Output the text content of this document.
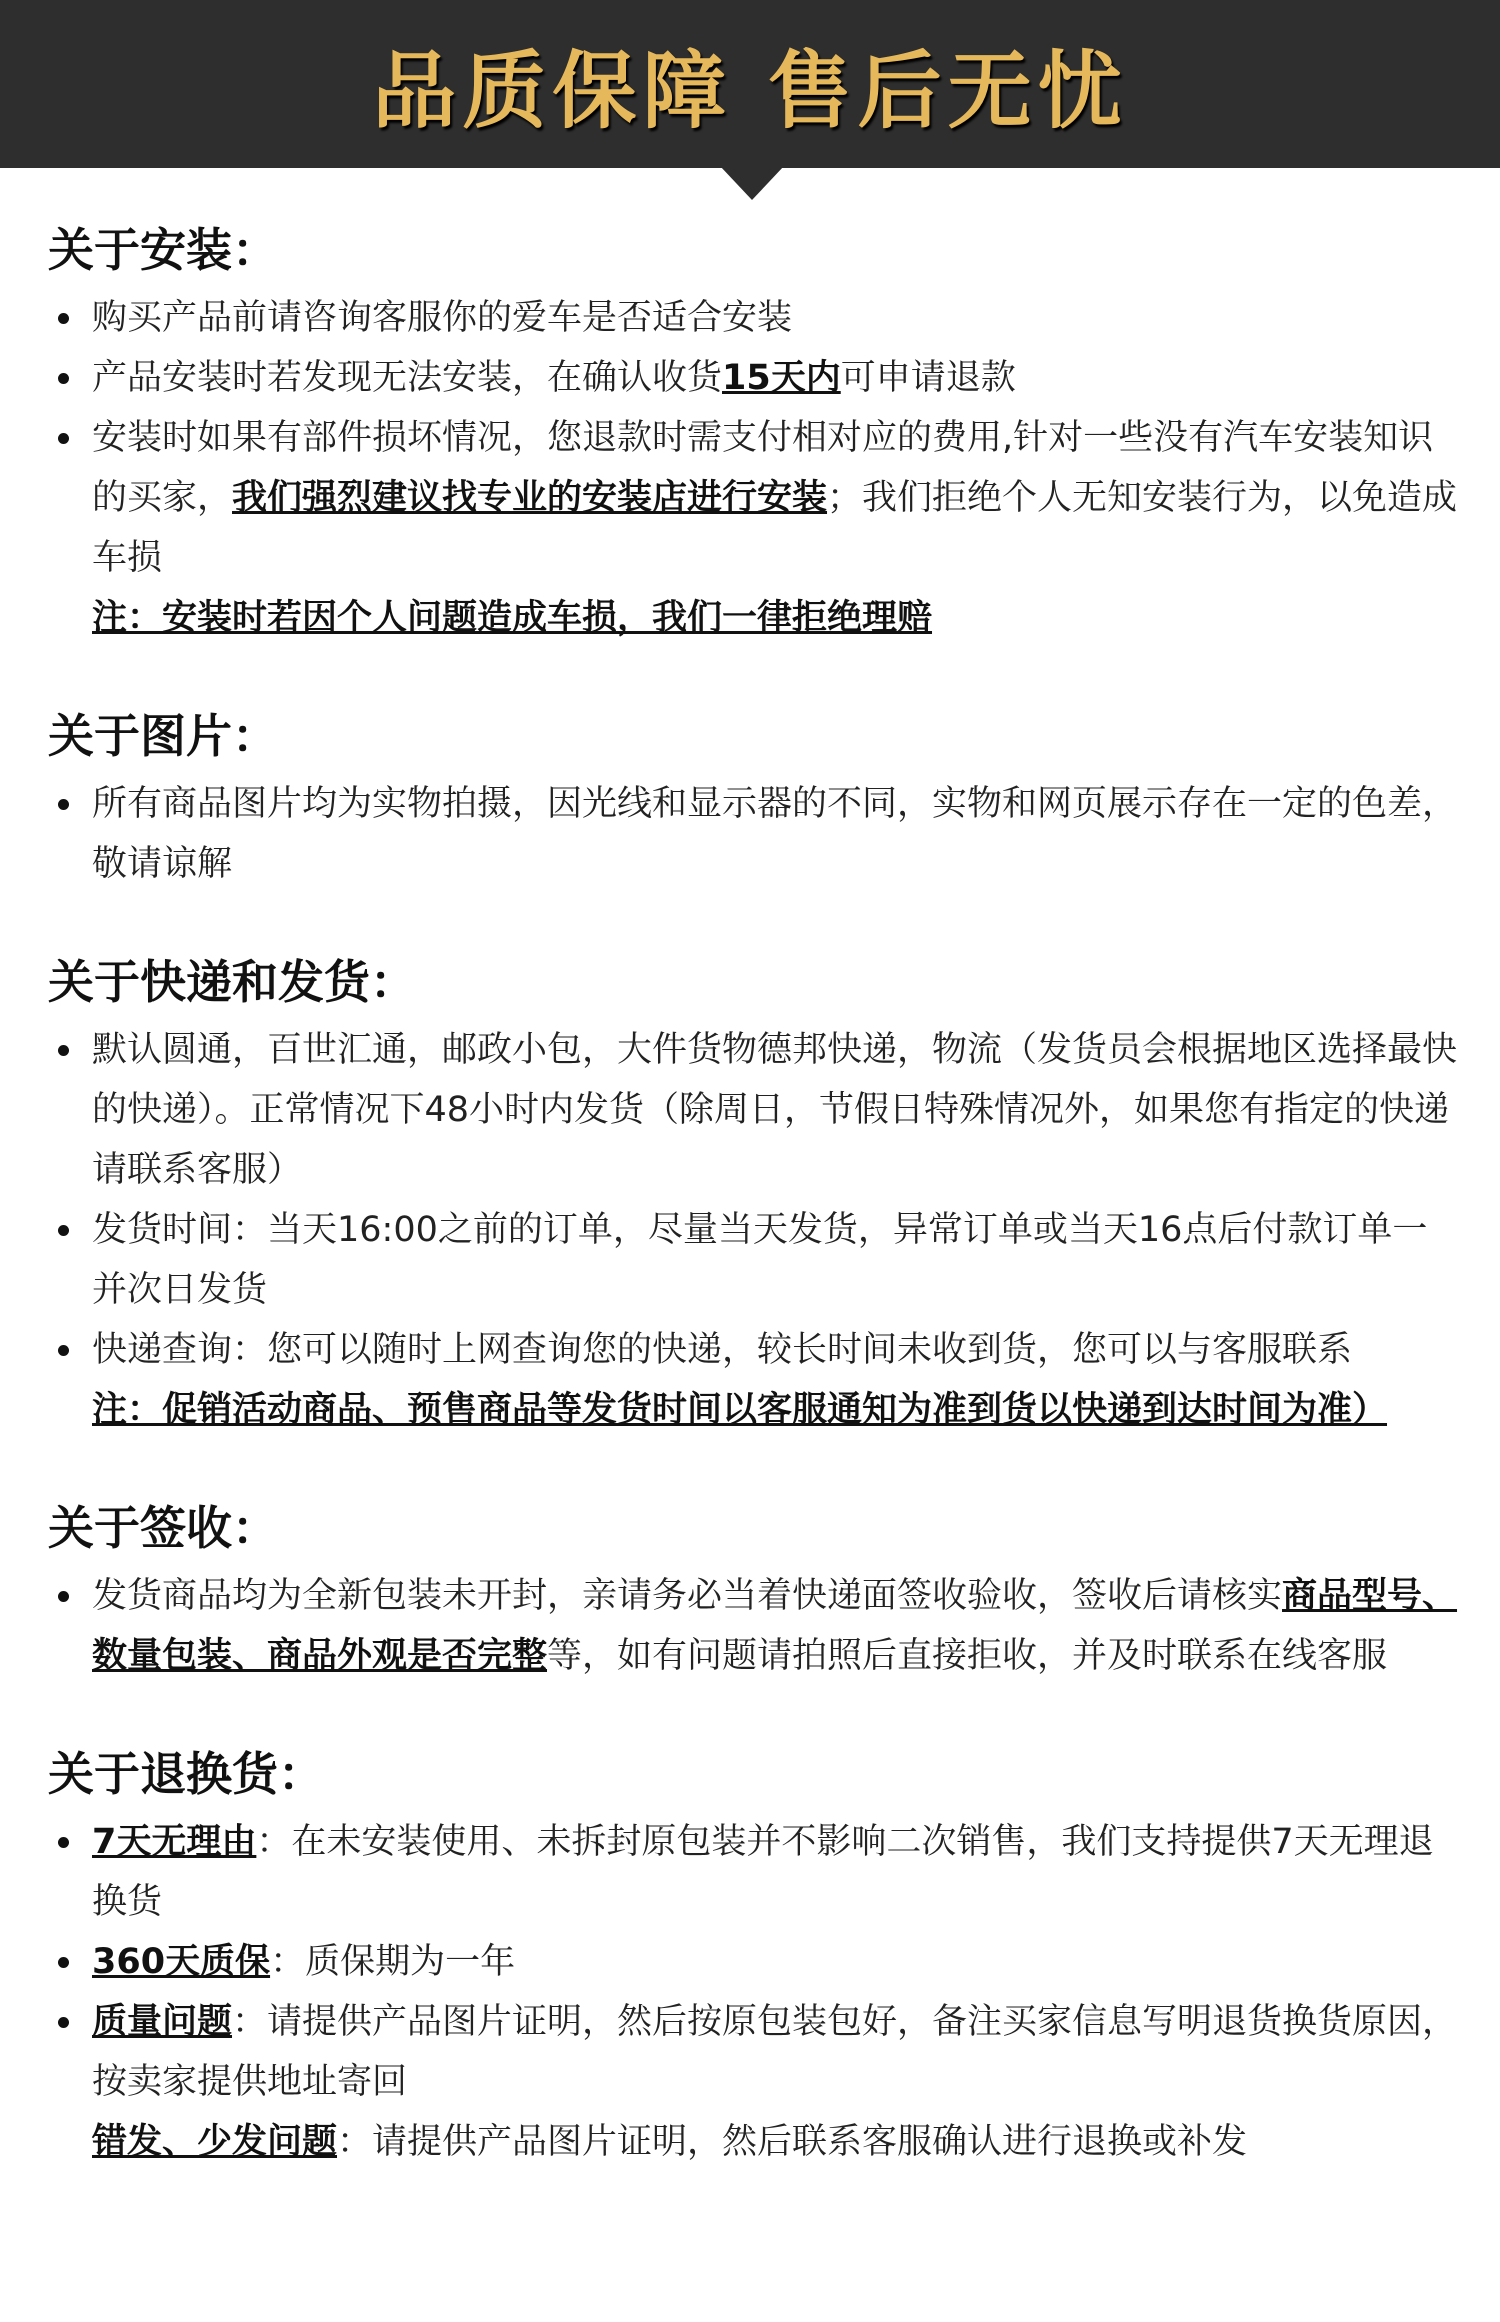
品质保障 售后无忧
关于安装：
购买产品前请咨询客服你的爱车是否适合安装
产品安装时若发现无法安装，在确认收货15天内可申请退款
安装时如果有部件损坏情况，您退款时需支付相对应的费用,针对一些没有汽车安装知识的买家，我们强烈建议找专业的安装店进行安装；我们拒绝个人无知安装行为，以免造成车损
注：安装时若因个人问题造成车损，我们一律拒绝理赔
关于图片：
所有商品图片均为实物拍摄，因光线和显示器的不同，实物和网页展示存在一定的色差，敬请谅解
关于快递和发货：
默认圆通，百世汇通，邮政小包，大件货物德邦快递，物流（发货员会根据地区选择最快的快递）。正常情况下48小时内发货（除周日，节假日特殊情况外，如果您有指定的快递请联系客服）
发货时间：当天16:00之前的订单，尽量当天发货，异常订单或当天16点后付款订单一并次日发货
快递查询：您可以随时上网查询您的快递，较长时间未收到货，您可以与客服联系
注：促销活动商品、预售商品等发货时间以客服通知为准到货以快递到达时间为准）
关于签收：
发货商品均为全新包装未开封，亲请务必当着快递面签收验收，签收后请核实商品型号、数量包装、商品外观是否完整等，如有问题请拍照后直接拒收，并及时联系在线客服
关于退换货：
7天无理由：在未安装使用、未拆封原包装并不影响二次销售，我们支持提供7天无理退换货
360天质保：质保期为一年
质量问题：请提供产品图片证明，然后按原包装包好，备注买家信息写明退货换货原因，按卖家提供地址寄回
错发、少发问题：请提供产品图片证明，然后联系客服确认进行退换或补发
